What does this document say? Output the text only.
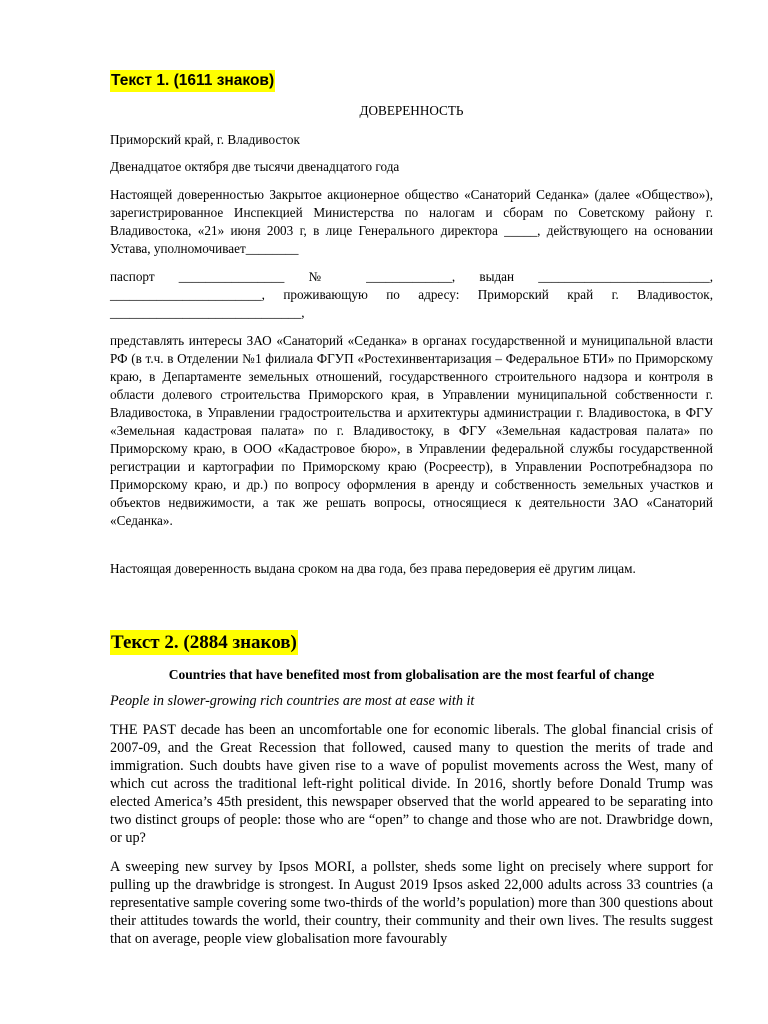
Текст 1. (1611 знаков)
ДОВЕРЕННОСТЬ
Приморский край, г. Владивосток
Двенадцатое октября две тысячи двенадцатого года
Настоящей доверенностью Закрытое акционерное общество «Санаторий Седанка» (далее «Общество»), зарегистрированное Инспекцией Министерства по налогам и сборам по Советскому району г. Владивостока, «21» июня 2003 г, в лице Генерального директора _____, действующего на основании Устава, уполномочивает________
паспорт ________________ № _____________, выдан __________________________,
_______________________, проживающую по адресу: Приморский край г. Владивосток,
_____________________________,
представлять интересы ЗАО «Санаторий «Седанка» в органах государственной и муниципальной власти РФ (в т.ч. в Отделении №1 филиала ФГУП «Ростехинвентаризация – Федеральное БТИ» по Приморскому краю, в Департаменте земельных отношений, государственного строительного надзора и контроля в области долевого строительства Приморского края, в Управлении муниципальной собственности г. Владивостока, в Управлении градостроительства и архитектуры администрации г. Владивостока, в ФГУ «Земельная кадастровая палата» по г. Владивостоку, в ФГУ «Земельная кадастровая палата» по Приморскому краю, в ООО «Кадастровое бюро», в Управлении федеральной службы государственной регистрации и картографии по Приморскому краю (Росреестр), в Управлении Роспотребнадзора по Приморскому краю, и др.) по вопросу оформления в аренду и собственность земельных участков и объектов недвижимости, а так же решать вопросы, относящиеся к деятельности ЗАО «Санаторий «Седанка».
Настоящая доверенность выдана сроком на два года, без права передоверия её другим лицам.
Текст 2. (2884 знаков)
Countries that have benefited most from globalisation are the most fearful of change
People in slower-growing rich countries are most at ease with it
THE PAST decade has been an uncomfortable one for economic liberals. The global financial crisis of 2007-09, and the Great Recession that followed, caused many to question the merits of trade and immigration. Such doubts have given rise to a wave of populist movements across the West, many of which cut across the traditional left-right political divide. In 2016, shortly before Donald Trump was elected America’s 45th president, this newspaper observed that the world appeared to be separating into two distinct groups of people: those who are “open” to change and those who are not. Drawbridge down, or up?
A sweeping new survey by Ipsos MORI, a pollster, sheds some light on precisely where support for pulling up the drawbridge is strongest. In August 2019 Ipsos asked 22,000 adults across 33 countries (a representative sample covering some two-thirds of the world’s population) more than 300 questions about their attitudes towards the world, their country, their community and their own lives. The results suggest that on average, people view globalisation more favourably
